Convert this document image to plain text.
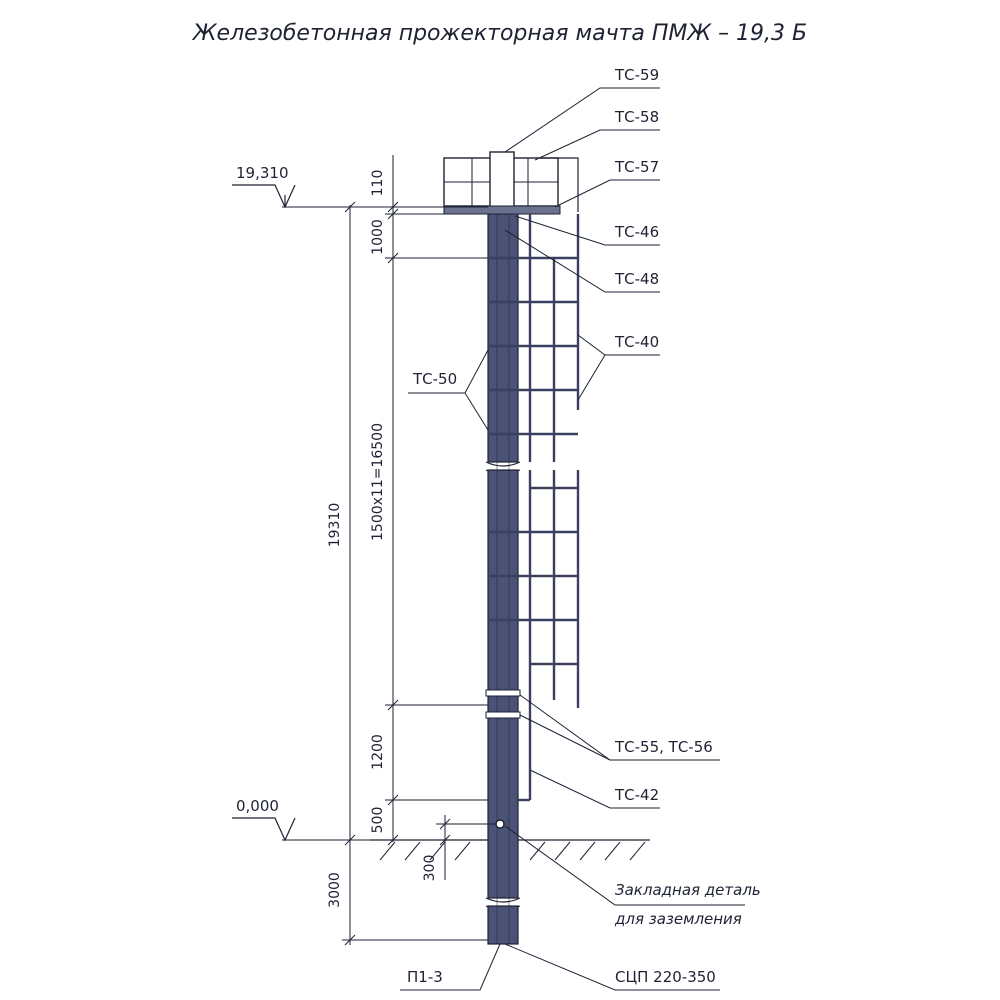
Железобетонная прожекторная мачта ПМЖ – 19,3 Б
19,310
0,000
110
1000
1500x11=16500
19310
1200
500
300
3000
ТС-59
ТС-58
ТС-57
ТС-46
ТС-48
ТС-40
ТС-50
ТС-55, ТС-56
ТС-42
Закладная деталь
для заземления
П1-3	СЦП 220-350
